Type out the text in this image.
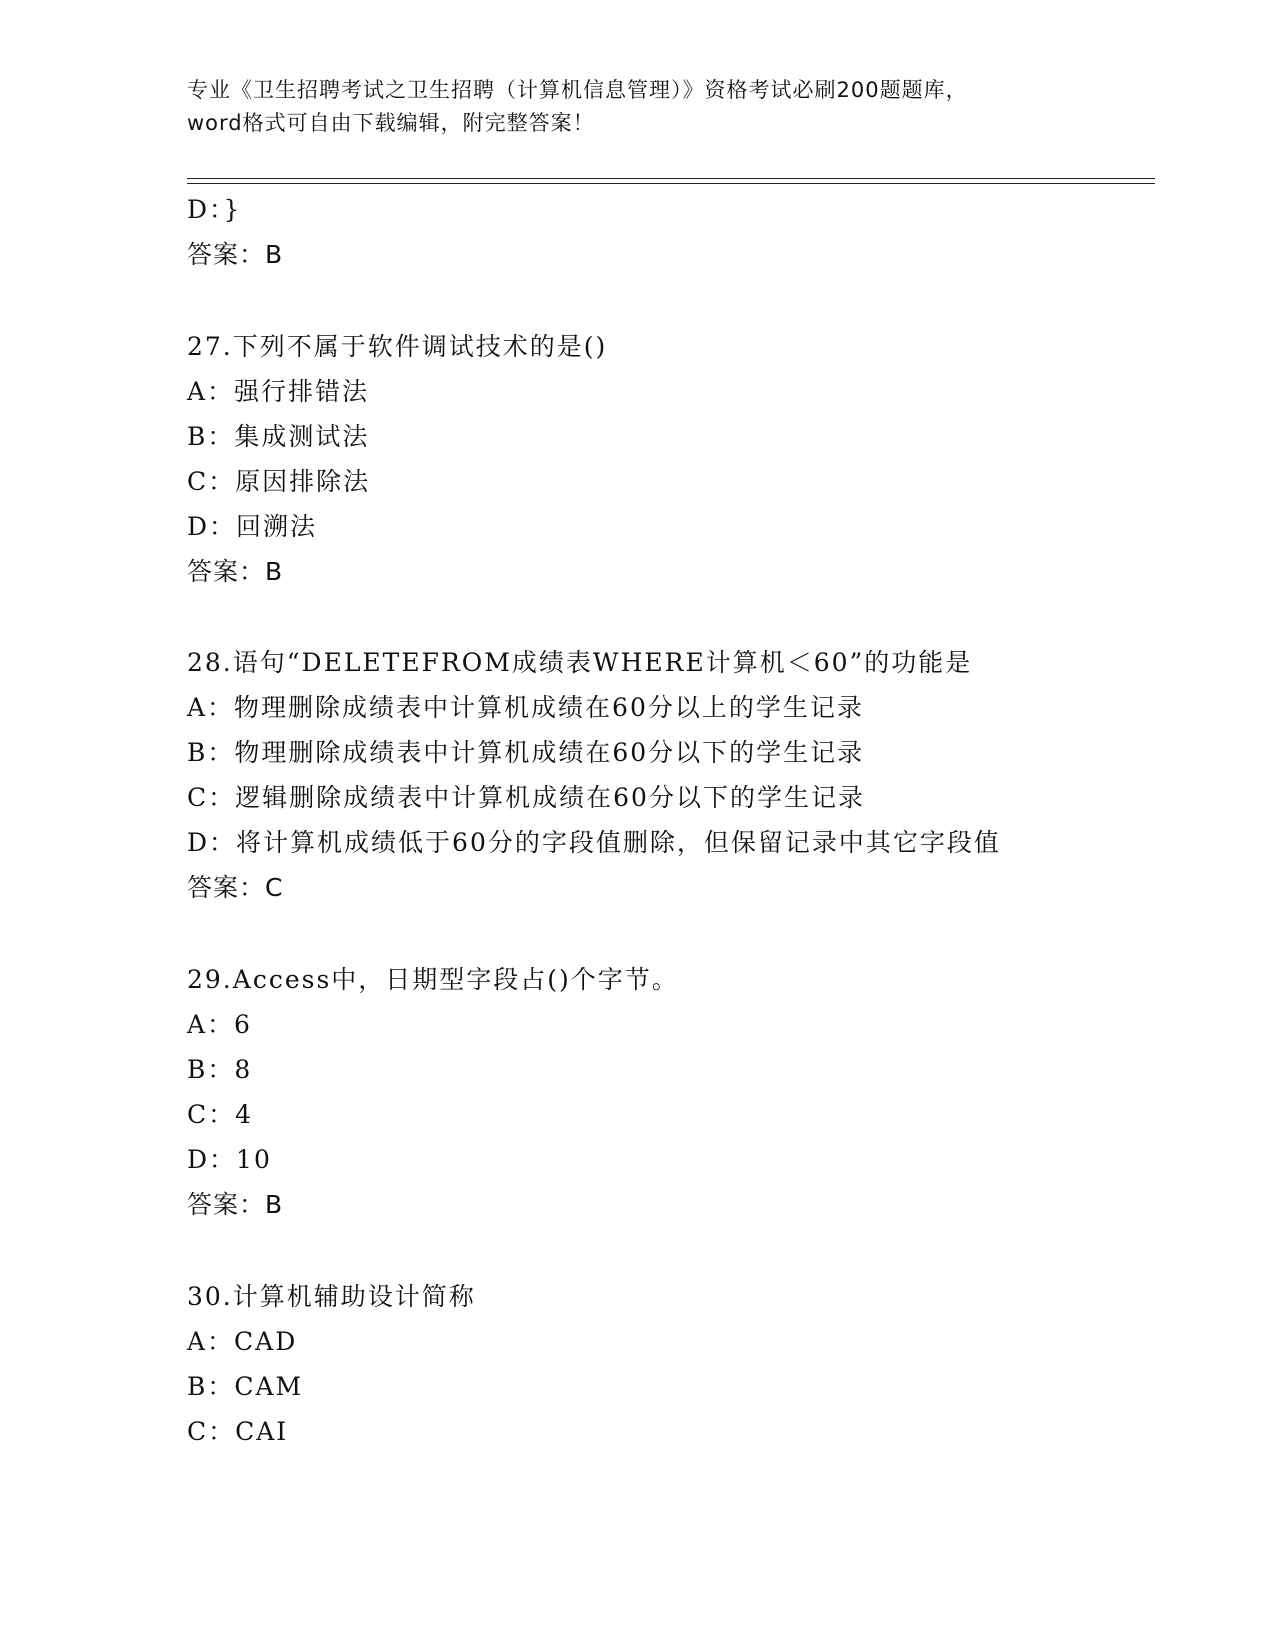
专业《卫生招聘考试之卫生招聘（计算机信息管理）》资格考试必刷200题题库，
word格式可自由下载编辑，附完整答案！
D：}
答案：B
27.下列不属于软件调试技术的是()
A：强行排错法
B：集成测试法
C：原因排除法
D：回溯法
答案：B
28.语句“DELETEFROM成绩表WHERE计算机＜60”的功能是
A：物理删除成绩表中计算机成绩在60分以上的学生记录
B：物理删除成绩表中计算机成绩在60分以下的学生记录
C：逻辑删除成绩表中计算机成绩在60分以下的学生记录
D：将计算机成绩低于60分的字段值删除，但保留记录中其它字段值
答案：C
29.Access中，日期型字段占()个字节。
A：6
B：8
C：4
D：10
答案：B
30.计算机辅助设计简称
A：CAD
B：CAM
C：CAI
